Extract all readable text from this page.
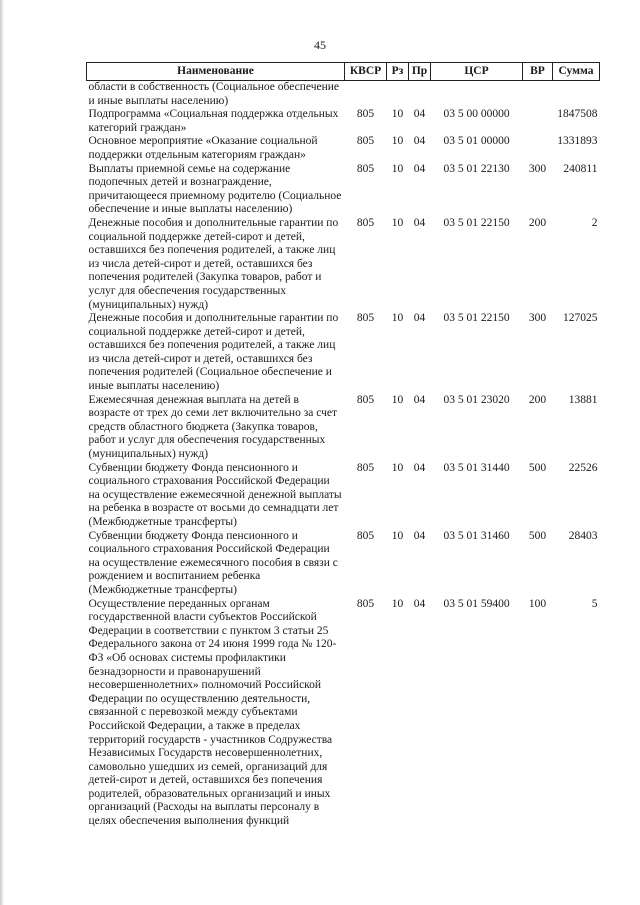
45
Наименование	КВСР	Рз	Пр	ЦСР	ВР	Сумма
области в собственность (Социальное обеспечение и иные выплаты населению)						
Подпрограмма «Социальная поддержка отдельных категорий граждан»	805	10	04	03 5 00 00000		1847508
Основное мероприятие «Оказание социальной поддержки отдельным категориям граждан»	805	10	04	03 5 01 00000		1331893
Выплаты приемной семье на содержание подопечных детей и вознаграждение, причитающееся приемному родителю (Социальное обеспечение и иные выплаты населению)	805	10	04	03 5 01 22130	300	240811
Денежные пособия и дополнительные гарантии по социальной поддержке детей-сирот и детей, оставшихся без попечения родителей, а также лиц из числа детей-сирот и детей, оставшихся без попечения родителей (Закупка товаров, работ и услуг для обеспечения государственных (муниципальных) нужд)	805	10	04	03 5 01 22150	200	2
Денежные пособия и дополнительные гарантии по социальной поддержке детей-сирот и детей, оставшихся без попечения родителей, а также лиц из числа детей-сирот и детей, оставшихся без попечения родителей (Социальное обеспечение и иные выплаты населению)	805	10	04	03 5 01 22150	300	127025
Ежемесячная денежная выплата на детей в возрасте от трех до семи лет включительно за счет средств областного бюджета (Закупка товаров, работ и услуг для обеспечения государственных (муниципальных) нужд)	805	10	04	03 5 01 23020	200	13881
Субвенции бюджету Фонда пенсионного и социального страхования Российской Федерации на осуществление ежемесячной денежной выплаты на ребенка в возрасте от восьми до семнадцати лет (Межбюджетные трансферты)	805	10	04	03 5 01 31440	500	22526
Субвенции бюджету Фонда пенсионного и социального страхования Российской Федерации на осуществление ежемесячного пособия в связи с рождением и воспитанием ребенка (Межбюджетные трансферты)	805	10	04	03 5 01 31460	500	28403
Осуществление переданных органам государственной власти субъектов Российской Федерации в соответствии с пунктом 3 статьи 25 Федерального закона от 24 июня 1999 года № 120-ФЗ «Об основах системы профилактики безнадзорности и правонарушений несовершеннолетних» полномочий Российской Федерации по осуществлению деятельности, связанной с перевозкой между субъектами Российской Федерации, а также в пределах территорий государств - участников Содружества Независимых Государств несовершеннолетних, самовольно ушедших из семей, организаций для детей-сирот и детей, оставшихся без попечения родителей, образовательных организаций и иных организаций (Расходы на выплаты персоналу в целях обеспечения выполнения функций	805	10	04	03 5 01 59400	100	5
